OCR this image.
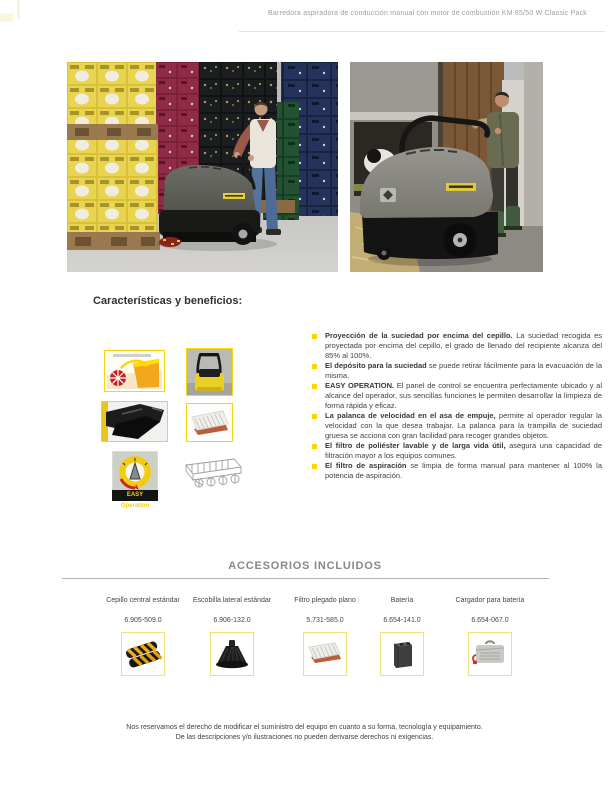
Barredora aspiradora de conducción manual con motor de combustión KM 85/50 W Classic Pack
Características y beneficios:
EASY Operation
Proyección de la suciedad por encima del cepillo. La suciedad recogida es proyectada por encima del cepillo, el grado de llenado del recipiente alcanza del 85% al 100%.
El depósito para la suciedad se puede retirar fácilmente para la evacuación de la misma.
EASY OPERATION. El panel de control se encuentra perfectamente ubicado y al alcance del operador, sus sencillas funciones le permiten desarrollar la limpieza de forma rápida y eficaz.
La palanca de velocidad en el asa de empuje, permite al operador regular la velocidad con la que desea trabajar. La palanca para la trampilla de suciedad gruesa se acciona con gran facilidad para recoger grandes objetos.
El filtro de poliéster lavable y de larga vida útil, asegura una capacidad de filtración mayor a los equipos comunes.
El filtro de aspiración se limpia de forma manual para mantener al 100% la potencia de aspiración.
ACCESORIOS INCLUIDOS
Cepillo central estándar
6.905-509.0
Escobilla lateral estándar
6.906-132.0
Filtro plegado plano
5.731-585.0
Batería
6.654-141.0
Cargador para batería
6.654-067.0
Nos reservamos el derecho de modificar el suministro del equipo en cuanto a su forma, tecnología y equipamiento.
De las descripciones y/o ilustraciones no pueden derivarse derechos ni exigencias.
